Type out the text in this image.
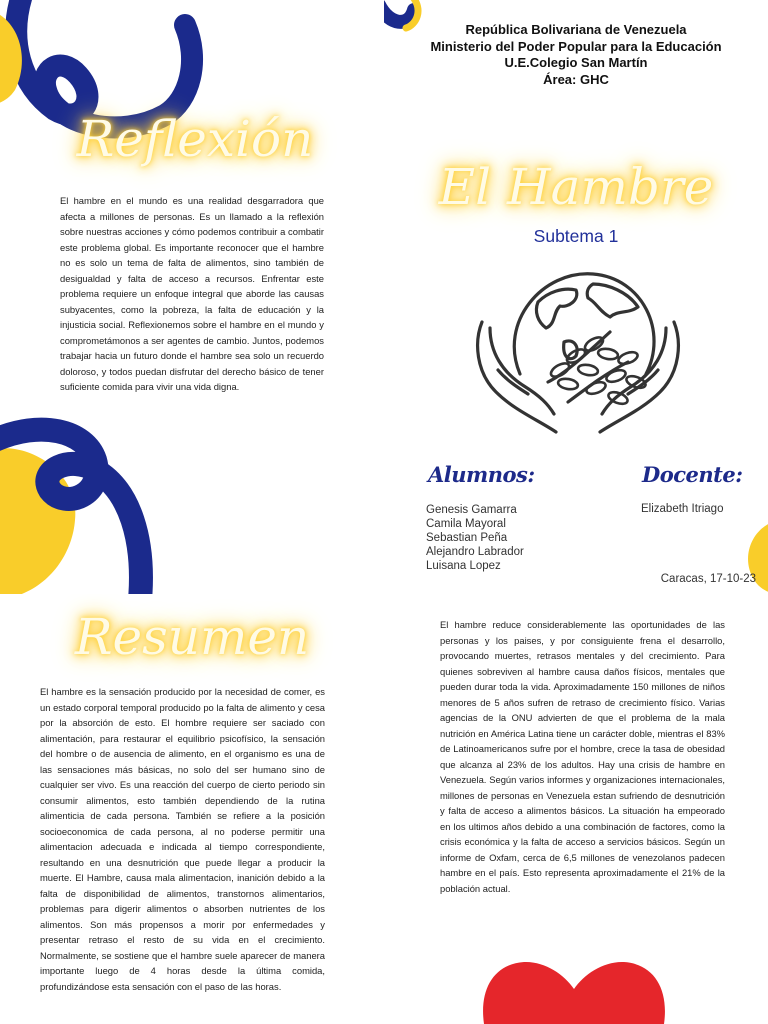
Reflexión

El hambre en el mundo es una realidad desgarradora que afecta a millones de personas. Es un llamado a la reflexión sobre nuestras acciones y cómo podemos contribuir a combatir este problema global. Es importante reconocer que el hambre no es solo un tema de falta de alimentos, sino también de desigualdad y falta de acceso a recursos. Enfrentar este problema requiere un enfoque integral que aborde las causas subyacentes, como la pobreza, la falta de educación y la injusticia social. Reflexionemos sobre el hambre en el mundo y comprometámonos a ser agentes de cambio. Juntos, podemos trabajar hacia un futuro donde el hambre sea solo un recuerdo doloroso, y todos puedan disfrutar del derecho básico de tener suficiente comida para vivir una vida digna.

República Bolivariana de Venezuela
Ministerio del Poder Popular para la Educación
U.E.Colegio San Martín
Área: GHC
El Hambre
Subtema 1
Alumnos:	Docente:
Genesis Gamarra
Camila Mayoral
Sebastian Peña
Alejandro Labrador
Luisana Lopez

Elizabeth Itriago

Caracas, 17-10-23

Resumen

El hambre es la sensación producido por la necesidad de comer, es un estado corporal temporal producido po la falta de alimento y cesa por la absorción de esto. El hombre requiere ser saciado con alimentación, para restaurar el equilibrio psicofísico, la sensación del hombre o de ausencia de alimento, en el organismo es una de las sensaciones más básicas, no solo del ser humano sino de cualquier ser vivo. Es una reacción del cuerpo de cierto periodo sin consumir alimentos, esto también dependiendo de la rutina alimenticia de cada persona. También se refiere a la posición socioeconomica de cada persona, al no poderse permitir una alimentacion adecuada e indicada al tiempo correspondiente, resultando en una desnutrición que puede llegar a producir la muerte. El Hambre, causa mala alimentacion, inanición debido a la falta de disponibilidad de alimentos, transtornos alimentarios, problemas para digerir alimentos o absorben nutrientes de los alimentos. Son más propensos a morir por enfermedades y presentar retraso el resto de su vida en el crecimiento. Normalmente, se sostiene que el hambre suele aparecer de manera importante luego de 4 horas desde la última comida, profundizándose esta sensación con el paso de las horas.

El hambre reduce considerablemente las oportunidades de las personas y los paises, y por consiguiente frena el desarrollo, provocando muertes, retrasos mentales y del crecimiento. Para quienes sobreviven al hambre causa daños físicos, mentales que pueden durar toda la vida. Aproximadamente 150 millones de niños menores de 5 años sufren de retraso de crecimiento físico. Varias agencias de la ONU advierten de que el problema de la mala nutrición en América Latina tiene un carácter doble, mientras el 83% de Latinoamericanos sufre por el hombre, crece la tasa de obesidad que alcanza al 23% de los adultos. Hay una crisis de hambre en Venezuela. Según varios informes y organizaciones internacionales, millones de personas en Venezuela estan sufriendo de desnutrición y falta de acceso a alimentos básicos. La situación ha empeorado en los ultimos años debido a una combinación de factores, como la crisis económica y la falta de acceso a servicios básicos. Según un informe de Oxfam, cerca de 6,5 millones de venezolanos padecen hambre en el país. Esto representa aproximadamente el 21% de la población actual.
